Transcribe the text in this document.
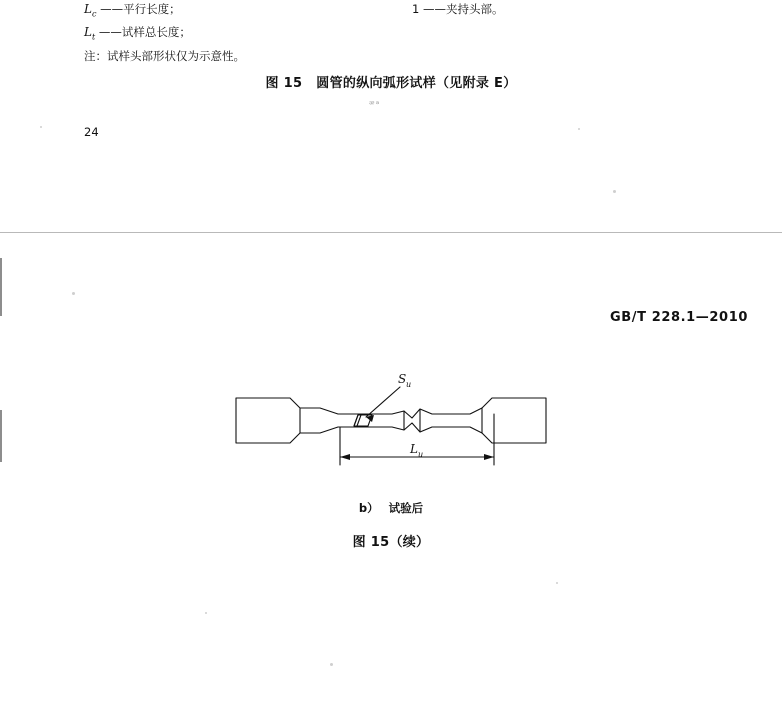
$L_c$ ——平行长度；
$L_t$ ——试样总长度；
注：试样头部形状仅为示意性。
1 ——夹持头部。
图 15 圆管的纵向弧形试样（见附录 E）
ᵆᵃ
24
GB/T 228.1—2010
S u
L u
b） 试验后
图 15（续）
